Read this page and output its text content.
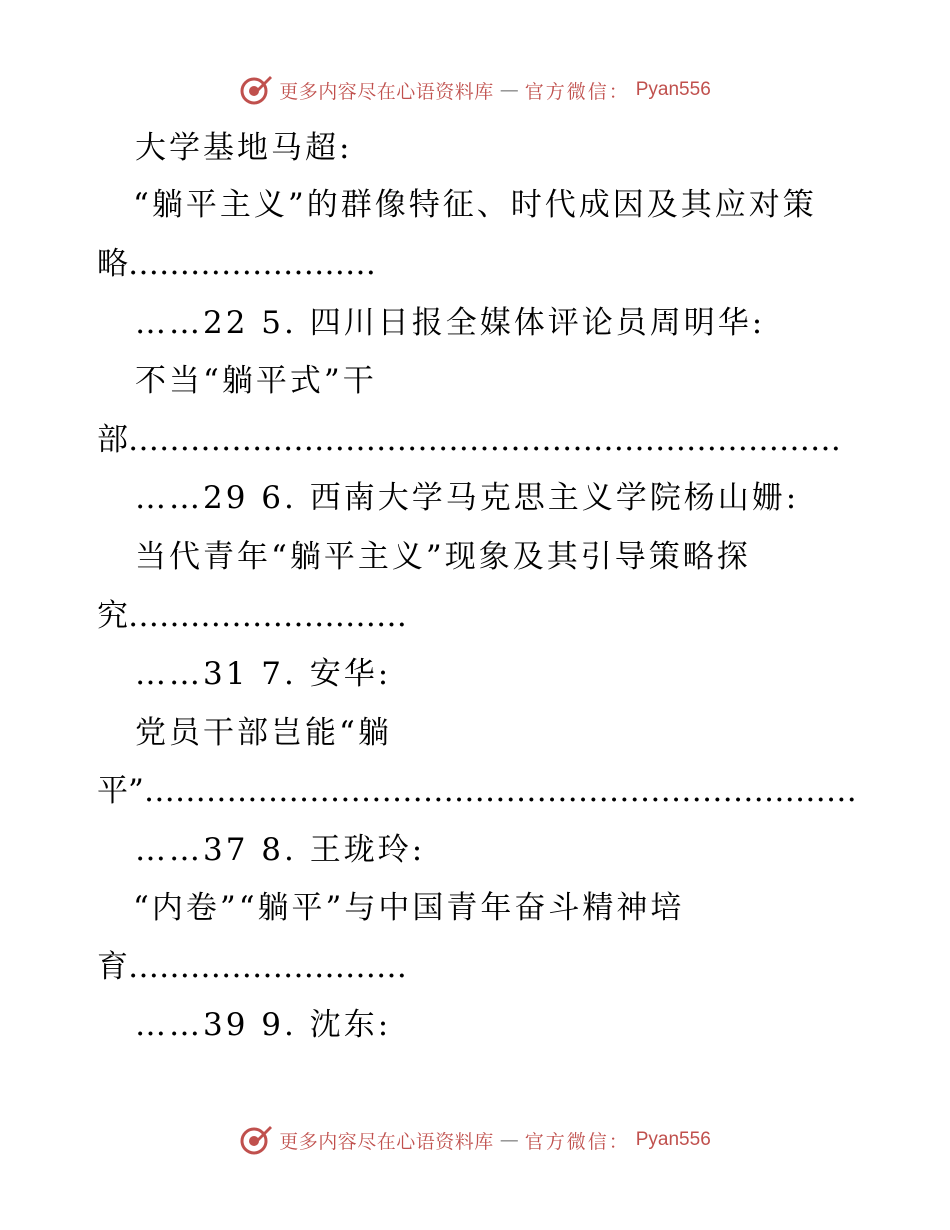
更多内容尽在心语资料库 — 官方微信： Pyan556
大学基地马超:
“躺平主义”的群像特征、时代成因及其应对策
略……………………
……22 5. 四川日报全媒体评论员周明华:
不当“躺平式”干
部……………………………………………………………
……29 6. 西南大学马克思主义学院杨山姗:
当代青年“躺平主义”现象及其引导策略探
究………………………
……31 7. 安华:
党员干部岂能“躺
平”……………………………………………………………
……37 8. 王珑玲:
“内卷”“躺平”与中国青年奋斗精神培
育………………………
……39 9. 沈东:
更多内容尽在心语资料库 — 官方微信： Pyan556
